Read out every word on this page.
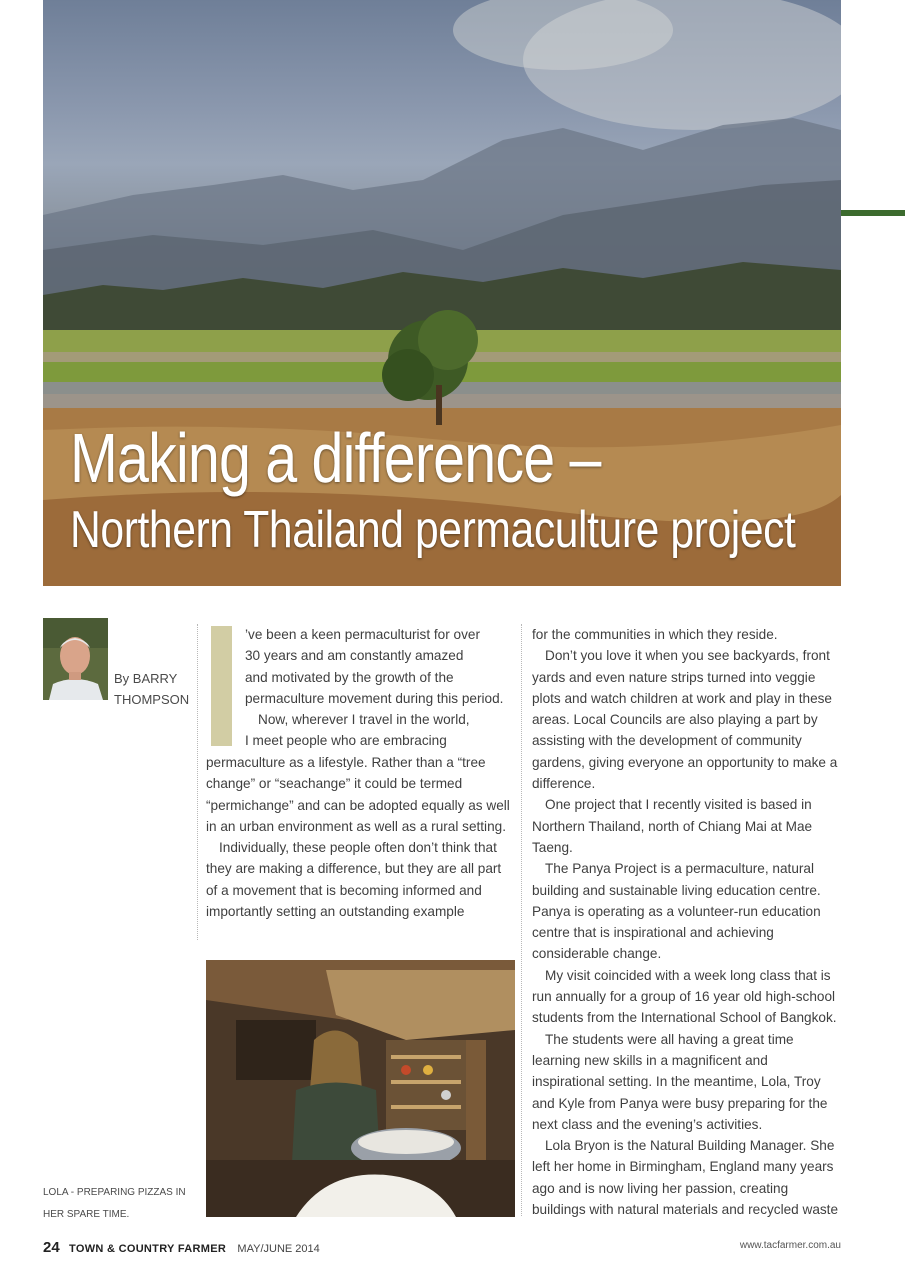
Making a difference –
Northern Thailand permaculture project
By BARRY
THOMPSON
’ve been a keen permaculturist for over
30 years and am constantly amazed
and motivated by the growth of the
permaculture movement during this period.
Now, wherever I travel in the world,
I meet people who are embracing

permaculture as a lifestyle. Rather than a “tree change” or “seachange” it could be termed “permichange” and can be adopted equally as well in an urban environment as well as a rural setting.

Individually, these people often don’t think that they are making a difference, but they are all part of a movement that is becoming informed and importantly setting an outstanding example

LOLA - PREPARING PIZZAS IN
HER SPARE TIME.

for the communities in which they reside.

Don’t you love it when you see backyards, front yards and even nature strips turned into veggie plots and watch children at work and play in these areas. Local Councils are also playing a part by assisting with the development of community gardens, giving everyone an opportunity to make a difference.

One project that I recently visited is based in Northern Thailand, north of Chiang Mai at Mae Taeng.

The Panya Project is a permaculture, natural building and sustainable living education centre. Panya is operating as a volunteer-run education centre that is inspirational and achieving considerable change.

My visit coincided with a week long class that is run annually for a group of 16 year old high-school students from the International School of Bangkok.

The students were all having a great time learning new skills in a magnificent and inspirational setting. In the meantime, Lola, Troy and Kyle from Panya were busy preparing for the next class and the evening’s activities.

Lola Bryon is the Natural Building Manager. She left her home in Birmingham, England many years ago and is now living her passion, creating buildings with natural materials and recycled waste

24 TOWN & COUNTRY FARMER MAY/JUNE 2014	www.tacfarmer.com.au
